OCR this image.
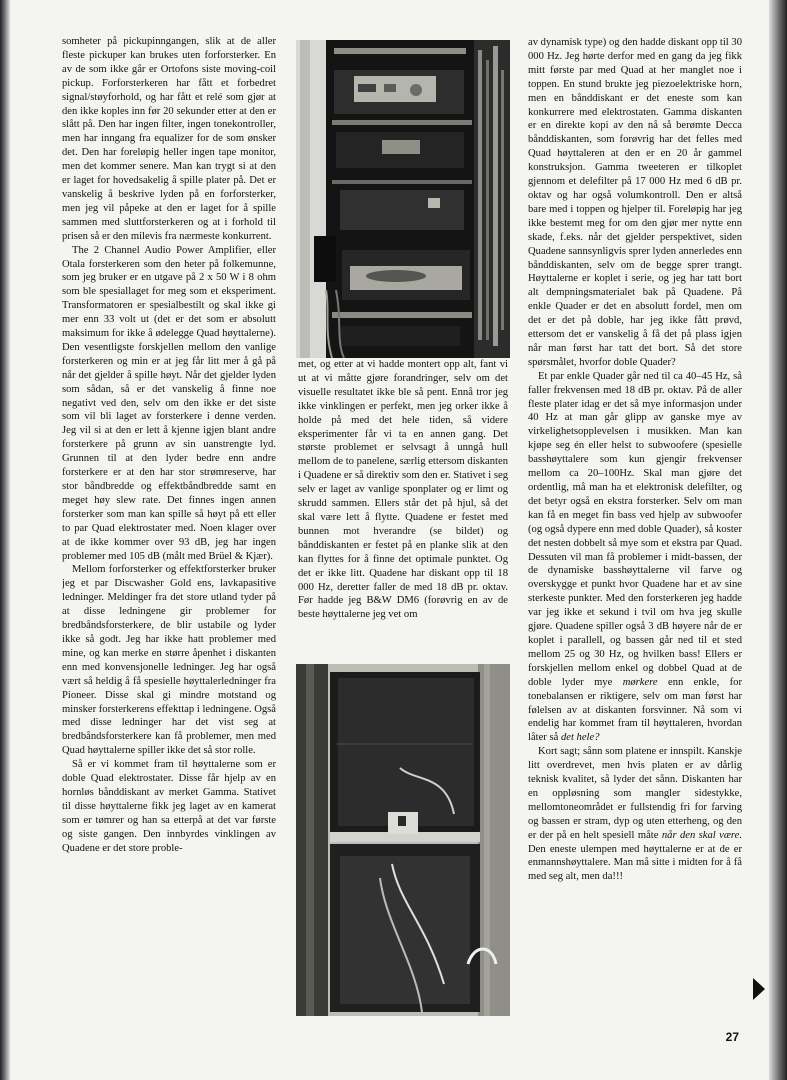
somheter på pickupinngangen, slik at de aller fleste pickuper kan brukes uten forforsterker. En av de som ikke går er Ortofons siste moving-coil pickup. Forforsterkeren har fått et forbedret signal/støyforhold, og har fått et relé som gjør at den ikke koples inn før 20 sekunder etter at den er slått på. Den har ingen filter, ingen tonekontroller, men har inngang fra equalizer for de som ønsker det. Den har foreløpig heller ingen tape monitor, men det kommer senere. Man kan trygt si at den er laget for hovedsakelig å spille plater på. Det er vanskelig å beskrive lyden på en forforsterker, men jeg vil påpeke at den er laget for å spille sammen med sluttforsterkeren og at i forhold til prisen så er den milevis fra nærmeste konkurrent.

The 2 Channel Audio Power Amplifier, eller Otala forsterkeren som den heter på folkemunne, som jeg bruker er en utgave på 2 x 50 W i 8 ohm som ble spesiallaget for meg som et eksperiment. Transformatoren er spesialbestilt og skal ikke gi mer enn 33 volt ut (det er det som er absolutt maksimum for ikke å ødelegge Quad høyttalerne). Den vesentligste forskjellen mellom den vanlige forsterkeren og min er at jeg får litt mer å gå på når det gjelder å spille høyt. Når det gjelder lyden som sådan, så er det vanskelig å finne noe negativt ved den, selv om den ikke er det siste som vil bli laget av forsterkere i denne verden. Jeg vil si at den er lett å kjenne igjen blant andre forsterkere på grunn av sin uanstrengte lyd. Grunnen til at den lyder bedre enn andre forsterkere er at den har stor strømreserve, har stor båndbredde og effektbåndbredde samt en meget høy slew rate. Det finnes ingen annen forsterker som man kan spille så høyt på ett eller to par Quad elektrostater med. Noen klager over at de ikke kommer over 93 dB, jeg har ingen problemer med 105 dB (målt med Brüel & Kjær).

Mellom forforsterker og effektforsterker bruker jeg et par Discwasher Gold ens, lavkapasitive ledninger. Meldinger fra det store utland tyder på at disse ledningene gir problemer for bredbåndsforsterkere, de blir ustabile og lyder ikke så godt. Jeg har ikke hatt problemer med mine, og kan merke en større åpenhet i diskanten enn med konvensjonelle ledninger. Jeg har også vært så heldig å få spesielle høyttalerledninger fra Pioneer. Disse skal gi mindre motstand og minsker forsterkerens effekttap i ledningene. Også med disse ledninger har det vist seg at bredbåndsforsterkere kan få problemer, men med Quad høyttalerne spiller ikke det så stor rolle.

Så er vi kommet fram til høyttalerne som er doble Quad elektrostater. Disse får hjelp av en hornløs bånddiskant av merket Gamma. Stativet til disse høyttalerne fikk jeg laget av en kamerat som er tømrer og han sa etterpå at det var første og siste gangen. Den innbyrdes vinklingen av Quadene er det store proble-

met, og etter at vi hadde montert opp alt, fant vi ut at vi måtte gjøre forandringer, selv om det visuelle resultatet ikke ble så pent. Ennå tror jeg ikke vinklingen er perfekt, men jeg orker ikke å holde på med det hele tiden, så videre eksperimenter får vi ta en annen gang. Det største problemet er selvsagt å unngå hull mellom de to panelene, særlig ettersom diskanten i Quadene er så direktiv som den er. Stativet i seg selv er laget av vanlige sponplater og er limt og skrudd sammen. Ellers står det på hjul, så det skal være lett å flytte. Quadene er festet med bunnen mot hverandre (se bildet) og bånddiskanten er festet på en planke slik at den kan flyttes for å finne det optimale punktet. Og det er ikke litt. Quadene har diskant opp til 18 000 Hz, deretter faller de med 18 dB pr. oktav. Før hadde jeg B&W DM6 (forøvrig en av de beste høyttalerne jeg vet om

av dynamisk type) og den hadde diskant opp til 30 000 Hz. Jeg hørte derfor med en gang da jeg fikk mitt første par med Quad at her manglet noe i toppen. En stund brukte jeg piezoelektriske horn, men en bånddiskant er det eneste som kan konkurrere med elektrostaten. Gamma diskanten er en direkte kopi av den nå så berømte Decca bånddiskanten, som forøvrig har det felles med Quad høyttaleren at den er en 20 år gammel konstruksjon. Gamma tweeteren er tilkoplet gjennom et delefilter på 17 000 Hz med 6 dB pr. oktav og har også volumkontroll. Den er altså bare med i toppen og hjelper til. Foreløpig har jeg ikke bestemt meg for om den gjør mer nytte enn skade, f.eks. når det gjelder perspektivet, siden Quadene sannsynligvis sprer lyden annerledes enn bånddiskanten, selv om de begge sprer trangt. Høyttalerne er koplet i serie, og jeg har tatt bort alt dempningsmaterialet bak på Quadene. På enkle Quader er det en absolutt fordel, men om det er det på doble, har jeg ikke fått prøvd, ettersom det er vanskelig å få det på plass igjen når man først har tatt det bort. Så det store spørsmålet, hvorfor doble Quader?

Et par enkle Quader går ned til ca 40–45 Hz, så faller frekvensen med 18 dB pr. oktav. På de aller fleste plater idag er det så mye informasjon under 40 Hz at man går glipp av ganske mye av virkelighetsopplevelsen i musikken. Man kan kjøpe seg én eller helst to subwoofere (spesielle basshøyttalere som kun gjengir frekvenser mellom ca 20–100Hz. Skal man gjøre det ordentlig, må man ha et elektronisk delefilter, og det betyr også en ekstra forsterker. Selv om man kan få en meget fin bass ved hjelp av subwoofer (og også dypere enn med doble Quader), så koster det nesten dobbelt så mye som et ekstra par Quad. Dessuten vil man få problemer i midt-bassen, der de dynamiske basshøyttalerne vil farve og overskygge et punkt hvor Quadene har et av sine sterkeste punkter. Med den forsterkeren jeg hadde var jeg ikke et sekund i tvil om hva jeg skulle gjøre. Quadene spiller også 3 dB høyere når de er koplet i parallell, og bassen går ned til et sted mellom 25 og 30 Hz, og hvilken bass! Ellers er forskjellen mellom enkel og dobbel Quad at de doble lyder mye mørkere enn enkle, for tonebalansen er riktigere, selv om man først har følelsen av at diskanten forsvinner. Nå som vi endelig har kommet fram til høyttaleren, hvordan låter så det hele?

Kort sagt; sånn som platene er innspilt. Kanskje litt overdrevet, men hvis platen er av dårlig teknisk kvalitet, så lyder det sånn. Diskanten har en oppløsning som mangler sidestykke, mellomtoneområdet er fullstendig fri for farving og bassen er stram, dyp og uten etterheng, og den er der på en helt spesiell måte når den skal være. Den eneste ulempen med høyttalerne er at de er enmannshøyttalere. Man må sitte i midten for å få med seg alt, men da!!!

27
